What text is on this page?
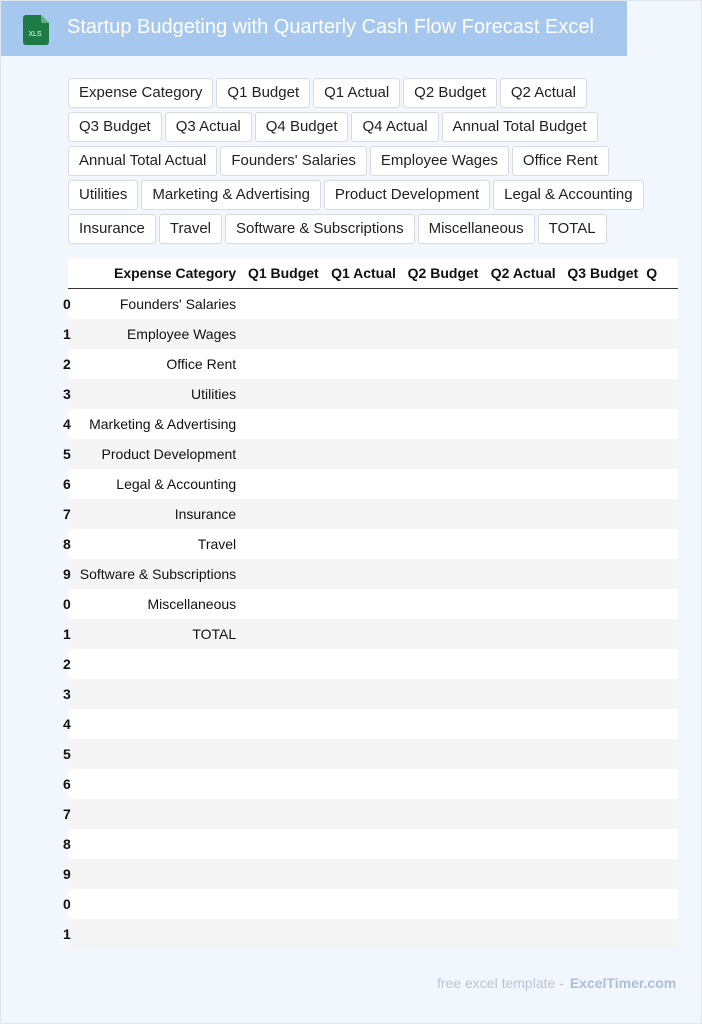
XLS Startup Budgeting with Quarterly Cash Flow Forecast Excel
Expense Category	Q1 Budget	Q1 Actual	Q2 Budget	Q2 Actual
Q3 Budget	Q3 Actual	Q4 Budget	Q4 Actual	Annual Total Budget
Annual Total Actual	Founders' Salaries	Employee Wages	Office Rent
Utilities	Marketing & Advertising	Product Development	Legal & Accounting
Insurance	Travel	Software & Subscriptions	Miscellaneous	TOTAL
	Expense Category	Q1 Budget	Q1 Actual	Q2 Budget	Q2 Actual	Q3 Budget	Q
0	Founders' Salaries						
1	Employee Wages						
2	Office Rent						
3	Utilities						
4	Marketing & Advertising						
5	Product Development						
6	Legal & Accounting						
7	Insurance						
8	Travel						
9	Software & Subscriptions						
0	Miscellaneous						
1	TOTAL						
2							
3							
4							
5							
6							
7							
8							
9							
0							
1							
free excel template - ExcelTimer.com
